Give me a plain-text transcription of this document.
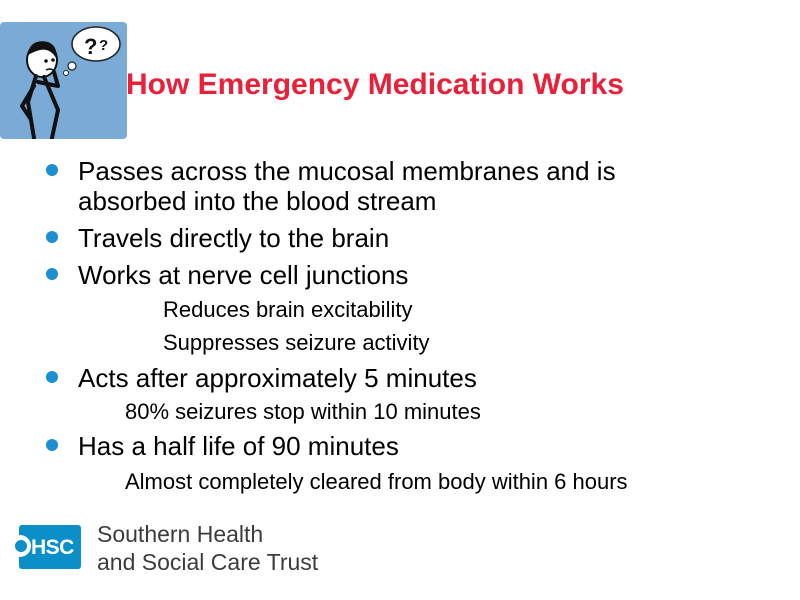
? ?
How Emergency Medication Works
Passes across the mucosal membranes and is
absorbed into the blood stream
Travels directly to the brain
Works at nerve cell junctions
Reduces brain excitability
Suppresses seizure activity
Acts after approximately 5 minutes
80% seizures stop within 10 minutes
Has a half life of 90 minutes
Almost completely cleared from body within 6 hours
HSC
Southern Health
and Social Care Trust
